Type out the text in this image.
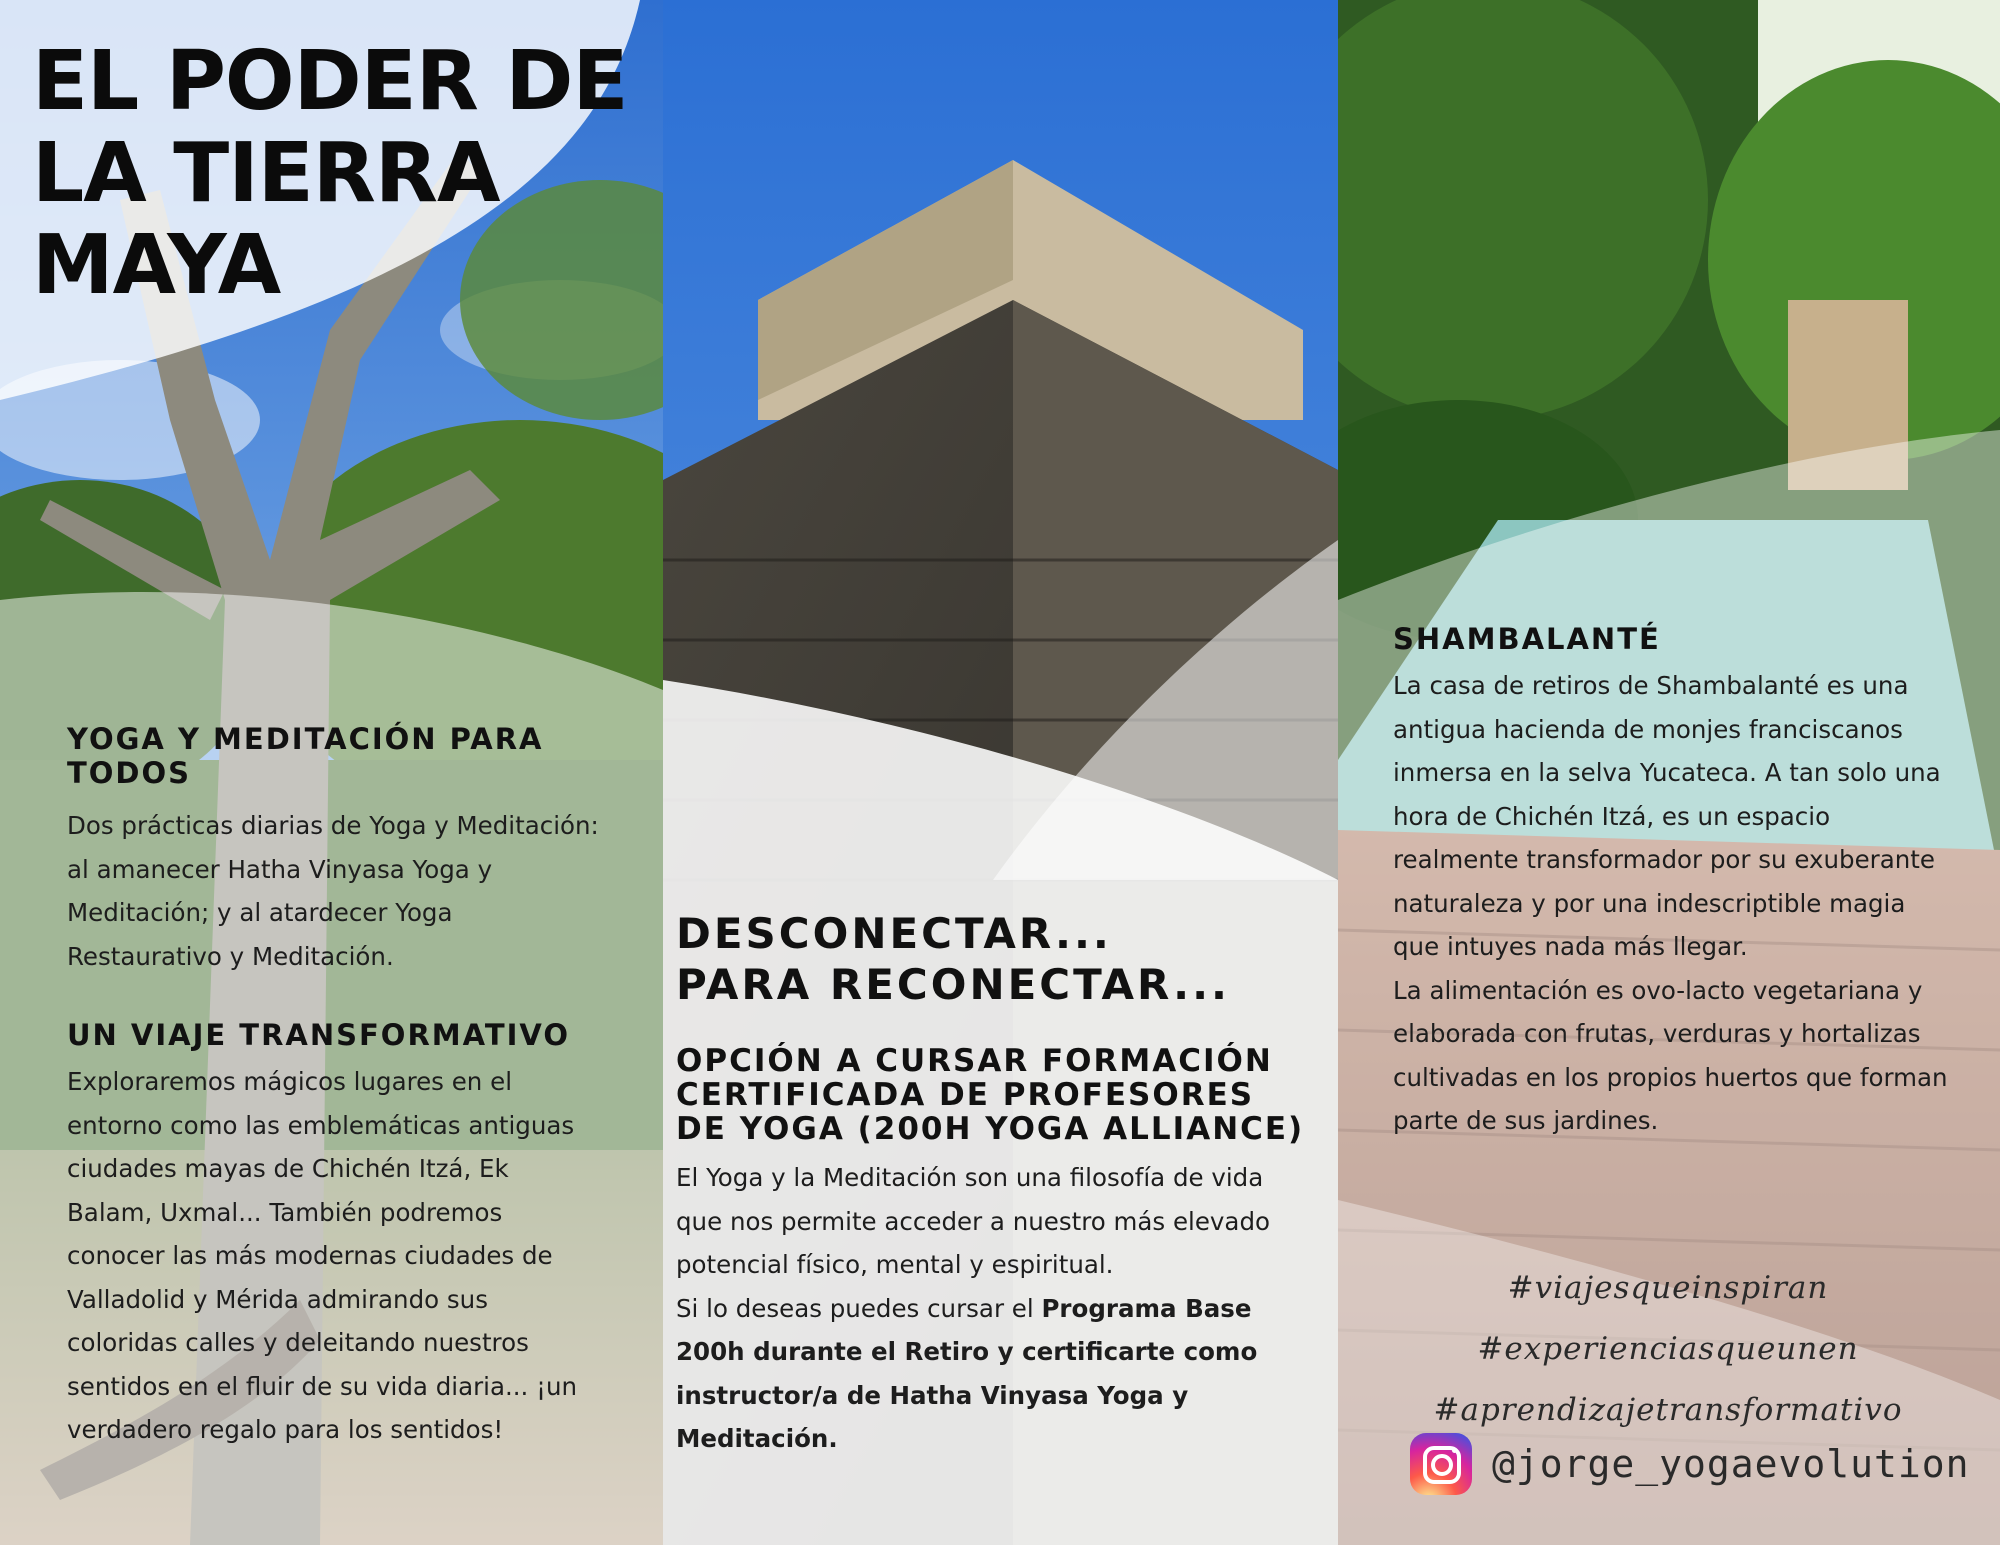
EL PODER DE
LA TIERRA
MAYA
YOGA Y MEDITACIÓN PARA TODOS

Dos prácticas diarias de Yoga y Meditación: al amanecer Hatha Vinyasa Yoga y Meditación; y al atardecer Yoga Restaurativo y Meditación.

UN VIAJE TRANSFORMATIVO

Exploraremos mágicos lugares en el entorno como las emblemáticas antiguas ciudades mayas de Chichén Itzá, Ek Balam, Uxmal... También podremos conocer las más modernas ciudades de Valladolid y Mérida admirando sus coloridas calles y deleitando nuestros sentidos en el fluir de su vida diaria... ¡un verdadero regalo para los sentidos!

DESCONECTAR...
PARA RECONECTAR...
OPCIÓN A CURSAR FORMACIÓN CERTIFICADA DE PROFESORES DE YOGA (200H YOGA ALLIANCE)
El Yoga y la Meditación son una filosofía de vida que nos permite acceder a nuestro más elevado potencial físico, mental y espiritual.
Si lo deseas puedes cursar el Programa Base 200h durante el Retiro y certificarte como instructor/a de Hatha Vinyasa Yoga y Meditación.
SHAMBALANTÉ
La casa de retiros de Shambalanté es una antigua hacienda de monjes franciscanos inmersa en la selva Yucateca. A tan solo una hora de Chichén Itzá, es un espacio realmente transformador por su exuberante naturaleza y por una indescriptible magia que intuyes nada más llegar.
La alimentación es ovo-lacto vegetariana y elaborada con frutas, verduras y hortalizas cultivadas en los propios huertos que forman parte de sus jardines.
#viajesqueinspiran
#experienciasqueunen
#aprendizajetransformativo
@jorge_yogaevolution
